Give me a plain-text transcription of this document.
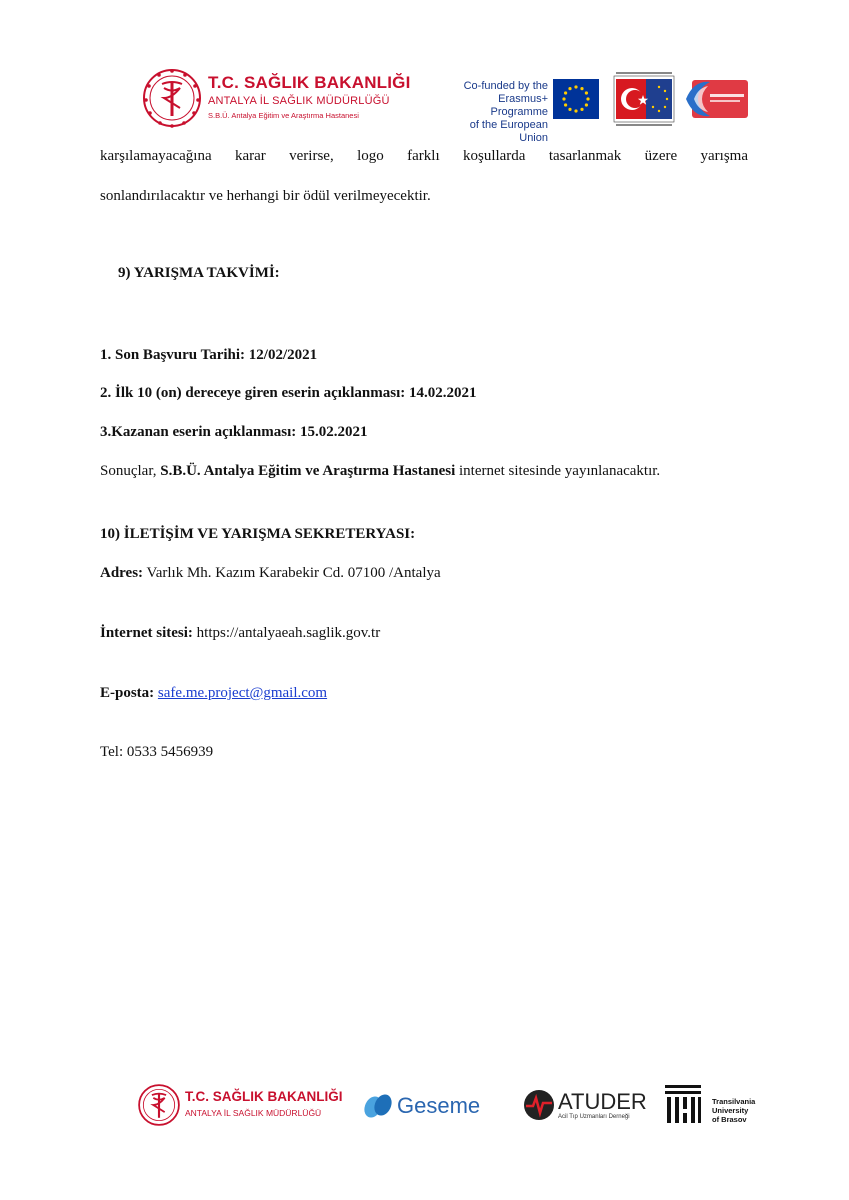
T.C. SAĞLIK BAKANLIĞI
ANTALYA İL SAĞLIK MÜDÜRLÜĞÜ
S.B.Ü. Antalya Eğitim ve Araştırma Hastanesi
Co-funded by the
Erasmus+ Programme
of the European Union
karşılamayacağına karar verirse, logo farklı koşullarda tasarlanmak üzere yarışma
sonlandırılacaktır ve herhangi bir ödül verilmeyecektir.
9) YARIŞMA TAKVİMİ:
1. Son Başvuru Tarihi: 12/02/2021
2. İlk 10 (on) dereceye giren eserin açıklanması: 14.02.2021
3.Kazanan eserin açıklanması: 15.02.2021
Sonuçlar, S.B.Ü. Antalya Eğitim ve Araştırma Hastanesi internet sitesinde yayınlanacaktır.
10) İLETİŞİM VE YARIŞMA SEKRETERYASI:
Adres: Varlık Mh. Kazım Karabekir Cd. 07100 /Antalya
İnternet sitesi: https://antalyaeah.saglik.gov.tr
E-posta: safe.me.project@gmail.com
Tel: 0533 5456939
T.C. SAĞLIK BAKANLIĞI
ANTALYA İL SAĞLIK MÜDÜRLÜĞÜ	Geseme	ATUDER
Acil Tıp Uzmanları Derneği
Transilvania
University
of Brasov
